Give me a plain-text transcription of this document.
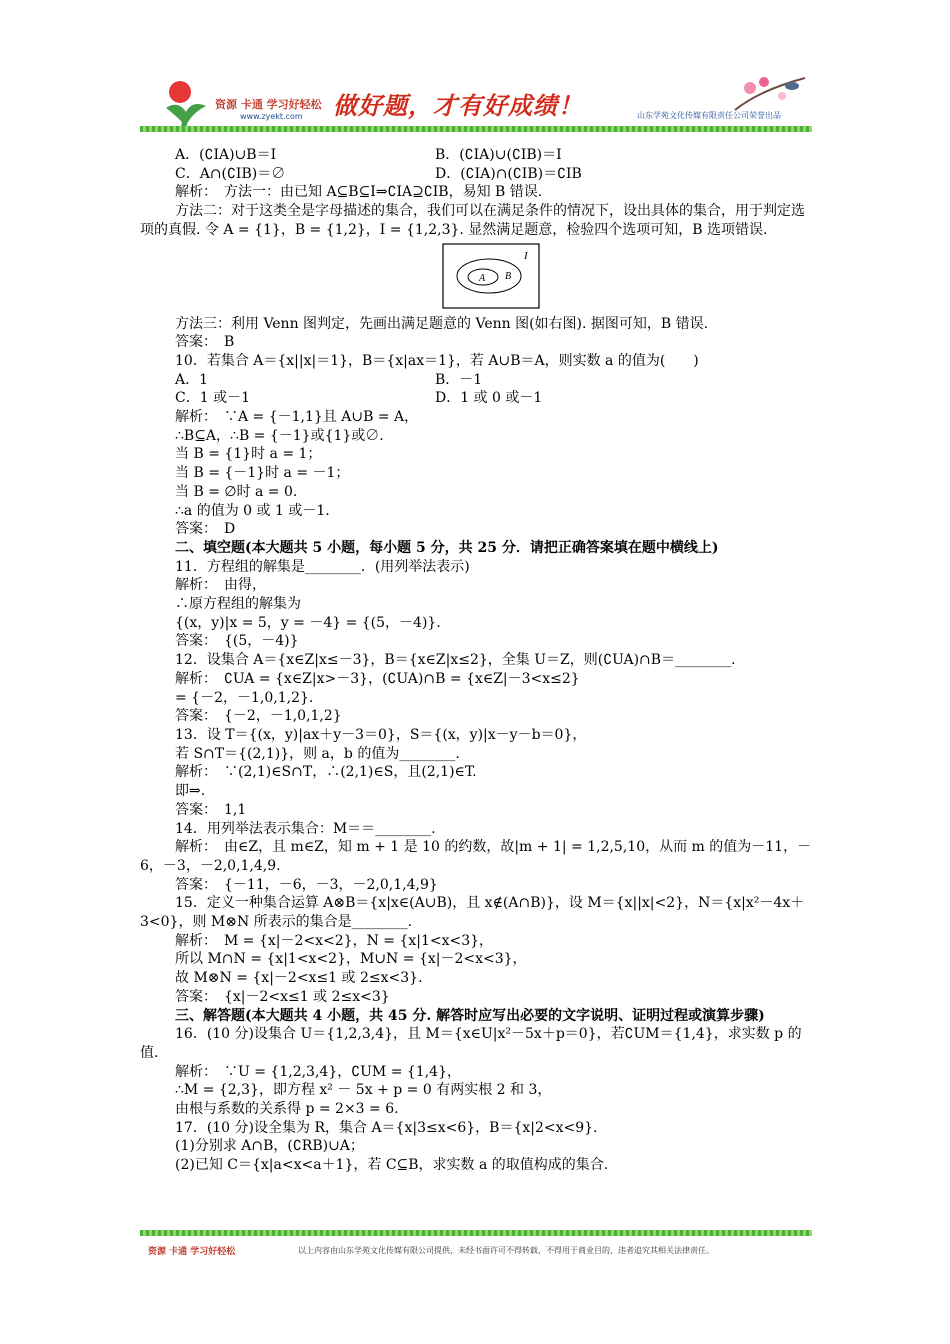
资源 卡通 学习好轻松
www.zyekt.com 做好题，才有好成绩！	山东学苑文化传媒有限责任公司荣誉出品
A．(∁IA)∪B＝I	B．(∁IA)∪(∁IB)＝I
C．A∩(∁IB)＝∅	D．(∁IA)∩(∁IB)＝∁IB
解析：　方法一：由已知 A⊆B⊆I⇒∁IA⊇∁IB，易知 B 错误.
方法二：对于这类全是字母描述的集合，我们可以在满足条件的情况下，设出具体的集合，用于判定选项的真假. 令 A = {1}，B = {1,2}，I = {1,2,3}. 显然满足题意，检验四个选项可知，B 选项错误.
I
A B
方法三：利用 Venn 图判定，先画出满足题意的 Venn 图(如右图). 据图可知，B 错误.
答案：　B
10．若集合 A＝{x||x|＝1}，B＝{x|ax＝1}，若 A∪B＝A，则实数 a 的值为(　　)
A．1	B．－1
C．1 或－1	D．1 或 0 或－1
解析：　∵A = {－1,1}且 A∪B = A，
∴B⊆A，∴B = {－1}或{1}或∅.
当 B = {1}时 a = 1；
当 B = {－1}时 a = －1；
当 B = ∅时 a = 0.
∴a 的值为 0 或 1 或－1.
答案：　D
二、填空题(本大题共 5 小题，每小题 5 分，共 25 分．请把正确答案填在题中横线上)
11．方程组的解集是________．(用列举法表示)
解析：　由得，
∴原方程组的解集为
{(x，y)|x = 5，y = －4} = {(5，－4)}.
答案：　{(5，－4)}
12．设集合 A＝{x∈Z|x≤－3}，B＝{x∈Z|x≤2}，全集 U＝Z，则(∁UA)∩B＝________.
解析：　∁UA = {x∈Z|x>－3}，(∁UA)∩B = {x∈Z|－3<x≤2}
= {－2，－1,0,1,2}.
答案：　{－2，－1,0,1,2}
13．设 T＝{(x，y)|ax＋y－3＝0}，S＝{(x，y)|x－y－b＝0}，
若 S∩T＝{(2,1)}，则 a，b 的值为________.
解析：　∵(2,1)∈S∩T，∴(2,1)∈S，且(2,1)∈T.
即⇒.
答案：　1,1
14．用列举法表示集合：M＝＝________.
解析：　由∈Z，且 m∈Z，知 m + 1 是 10 的约数，故|m + 1| = 1,2,5,10，从而 m 的值为－11，－6，－3，－2,0,1,4,9.
答案：　{－11，－6，－3，－2,0,1,4,9}
15．定义一种集合运算 A⊗B＝{x|x∈(A∪B)，且 x∉(A∩B)}，设 M＝{x||x|<2}，N＝{x|x²－4x＋3<0}，则 M⊗N 所表示的集合是________.
解析：　M = {x|－2<x<2}，N = {x|1<x<3}，
所以 M∩N = {x|1<x<2}，M∪N = {x|－2<x<3}，
故 M⊗N = {x|－2<x≤1 或 2≤x<3}.
答案：　{x|－2<x≤1 或 2≤x<3}
三、解答题(本大题共 4 小题，共 45 分. 解答时应写出必要的文字说明、证明过程或演算步骤)
16．(10 分)设集合 U＝{1,2,3,4}，且 M＝{x∈U|x²－5x＋p＝0}，若∁UM＝{1,4}，求实数 p 的值.
解析：　∵U = {1,2,3,4}，∁UM = {1,4}，
∴M = {2,3}，即方程 x² － 5x + p = 0 有两实根 2 和 3，
由根与系数的关系得 p = 2×3 = 6.
17．(10 分)设全集为 R，集合 A＝{x|3≤x<6}，B＝{x|2<x<9}.
(1)分别求 A∩B，(∁RB)∪A；
(2)已知 C＝{x|a<x<a＋1}，若 C⊆B，求实数 a 的取值构成的集合.
资源 卡通 学习好轻松	以上内容由山东学苑文化传媒有限公司提供，未经书面许可不得转载、不得用于商业目的，违者追究其相关法律责任。
